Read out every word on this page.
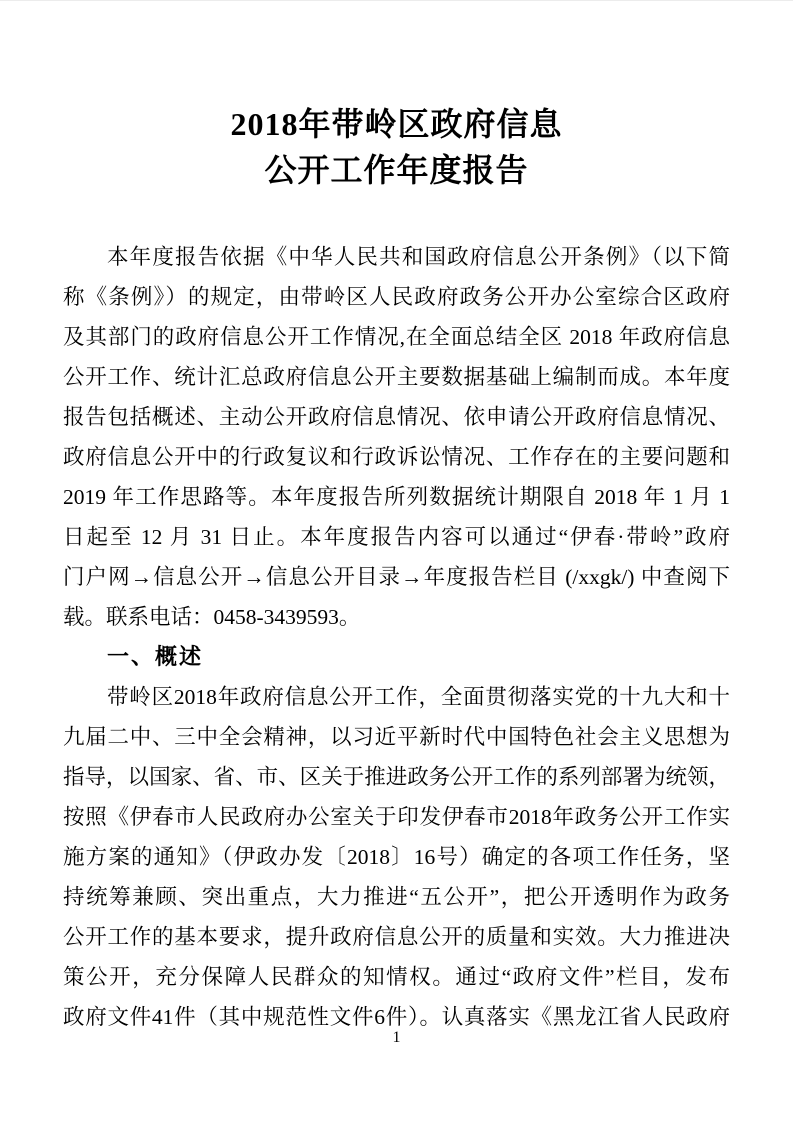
2018年带岭区政府信息
公开工作年度报告
本年度报告依据《中华人民共和国政府信息公开条例》（以下简
称《条例》）的规定，由带岭区人民政府政务公开办公室综合区政府
及其部门的政府信息公开工作情况,在全面总结全区 2018 年政府信息
公开工作、统计汇总政府信息公开主要数据基础上编制而成。本年度
报告包括概述、主动公开政府信息情况、依申请公开政府信息情况、
政府信息公开中的行政复议和行政诉讼情况、工作存在的主要问题和
2019 年工作思路等。本年度报告所列数据统计期限自 2018 年 1 月 1
日起至 12 月 31 日止。本年度报告内容可以通过“伊春·带岭”政府
门户网→信息公开→信息公开目录→年度报告栏目 (/xxgk/) 中查阅下
载。联系电话：0458-3439593。
一、概述
带岭区2018年政府信息公开工作，全面贯彻落实党的十九大和十
九届二中、三中全会精神，以习近平新时代中国特色社会主义思想为
指导，以国家、省、市、区关于推进政务公开工作的系列部署为统领，
按照《伊春市人民政府办公室关于印发伊春市2018年政务公开工作实
施方案的通知》（伊政办发〔2018〕16号）确定的各项工作任务，坚
持统筹兼顾、突出重点，大力推进“五公开”，把公开透明作为政务
公开工作的基本要求，提升政府信息公开的质量和实效。大力推进决
策公开，充分保障人民群众的知情权。通过“政府文件”栏目，发布
政府文件41件（其中规范性文件6件）。认真落实《黑龙江省人民政府
1
